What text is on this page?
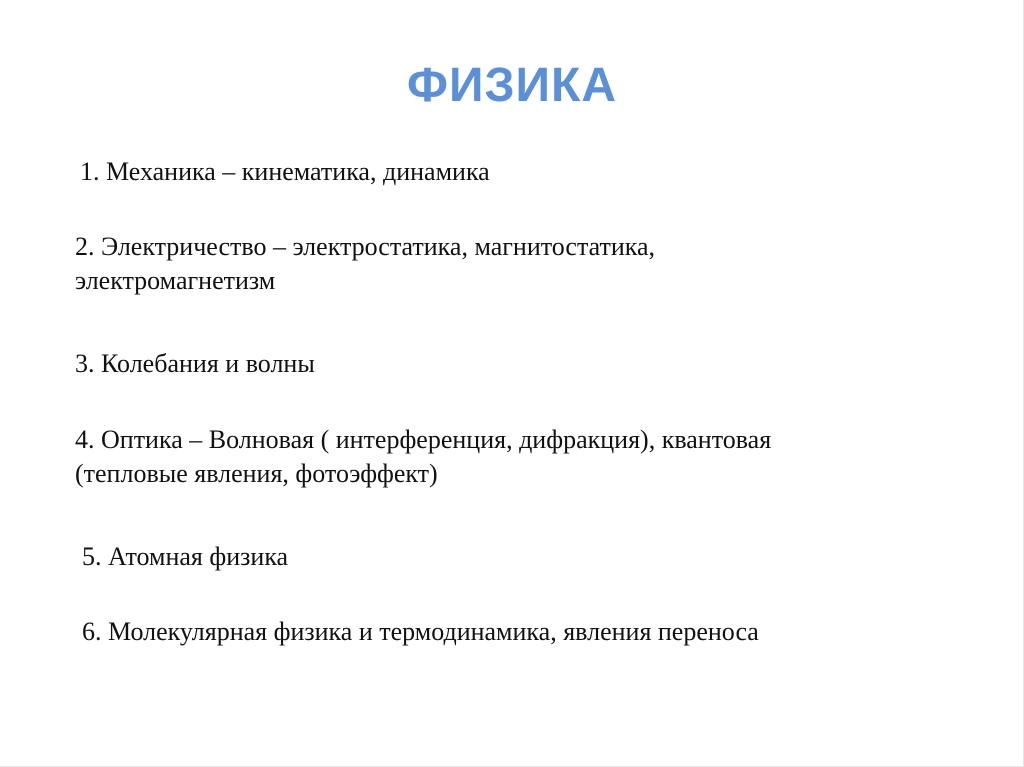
ФИЗИКА
1. Механика – кинематика, динамика
2. Электричество – электростатика, магнитостатика,
электромагнетизм
3. Колебания и волны
4. Оптика – Волновая ( интерференция, дифракция), квантовая
(тепловые явления, фотоэффект)
5. Атомная физика
6. Молекулярная физика и термодинамика, явления переноса
